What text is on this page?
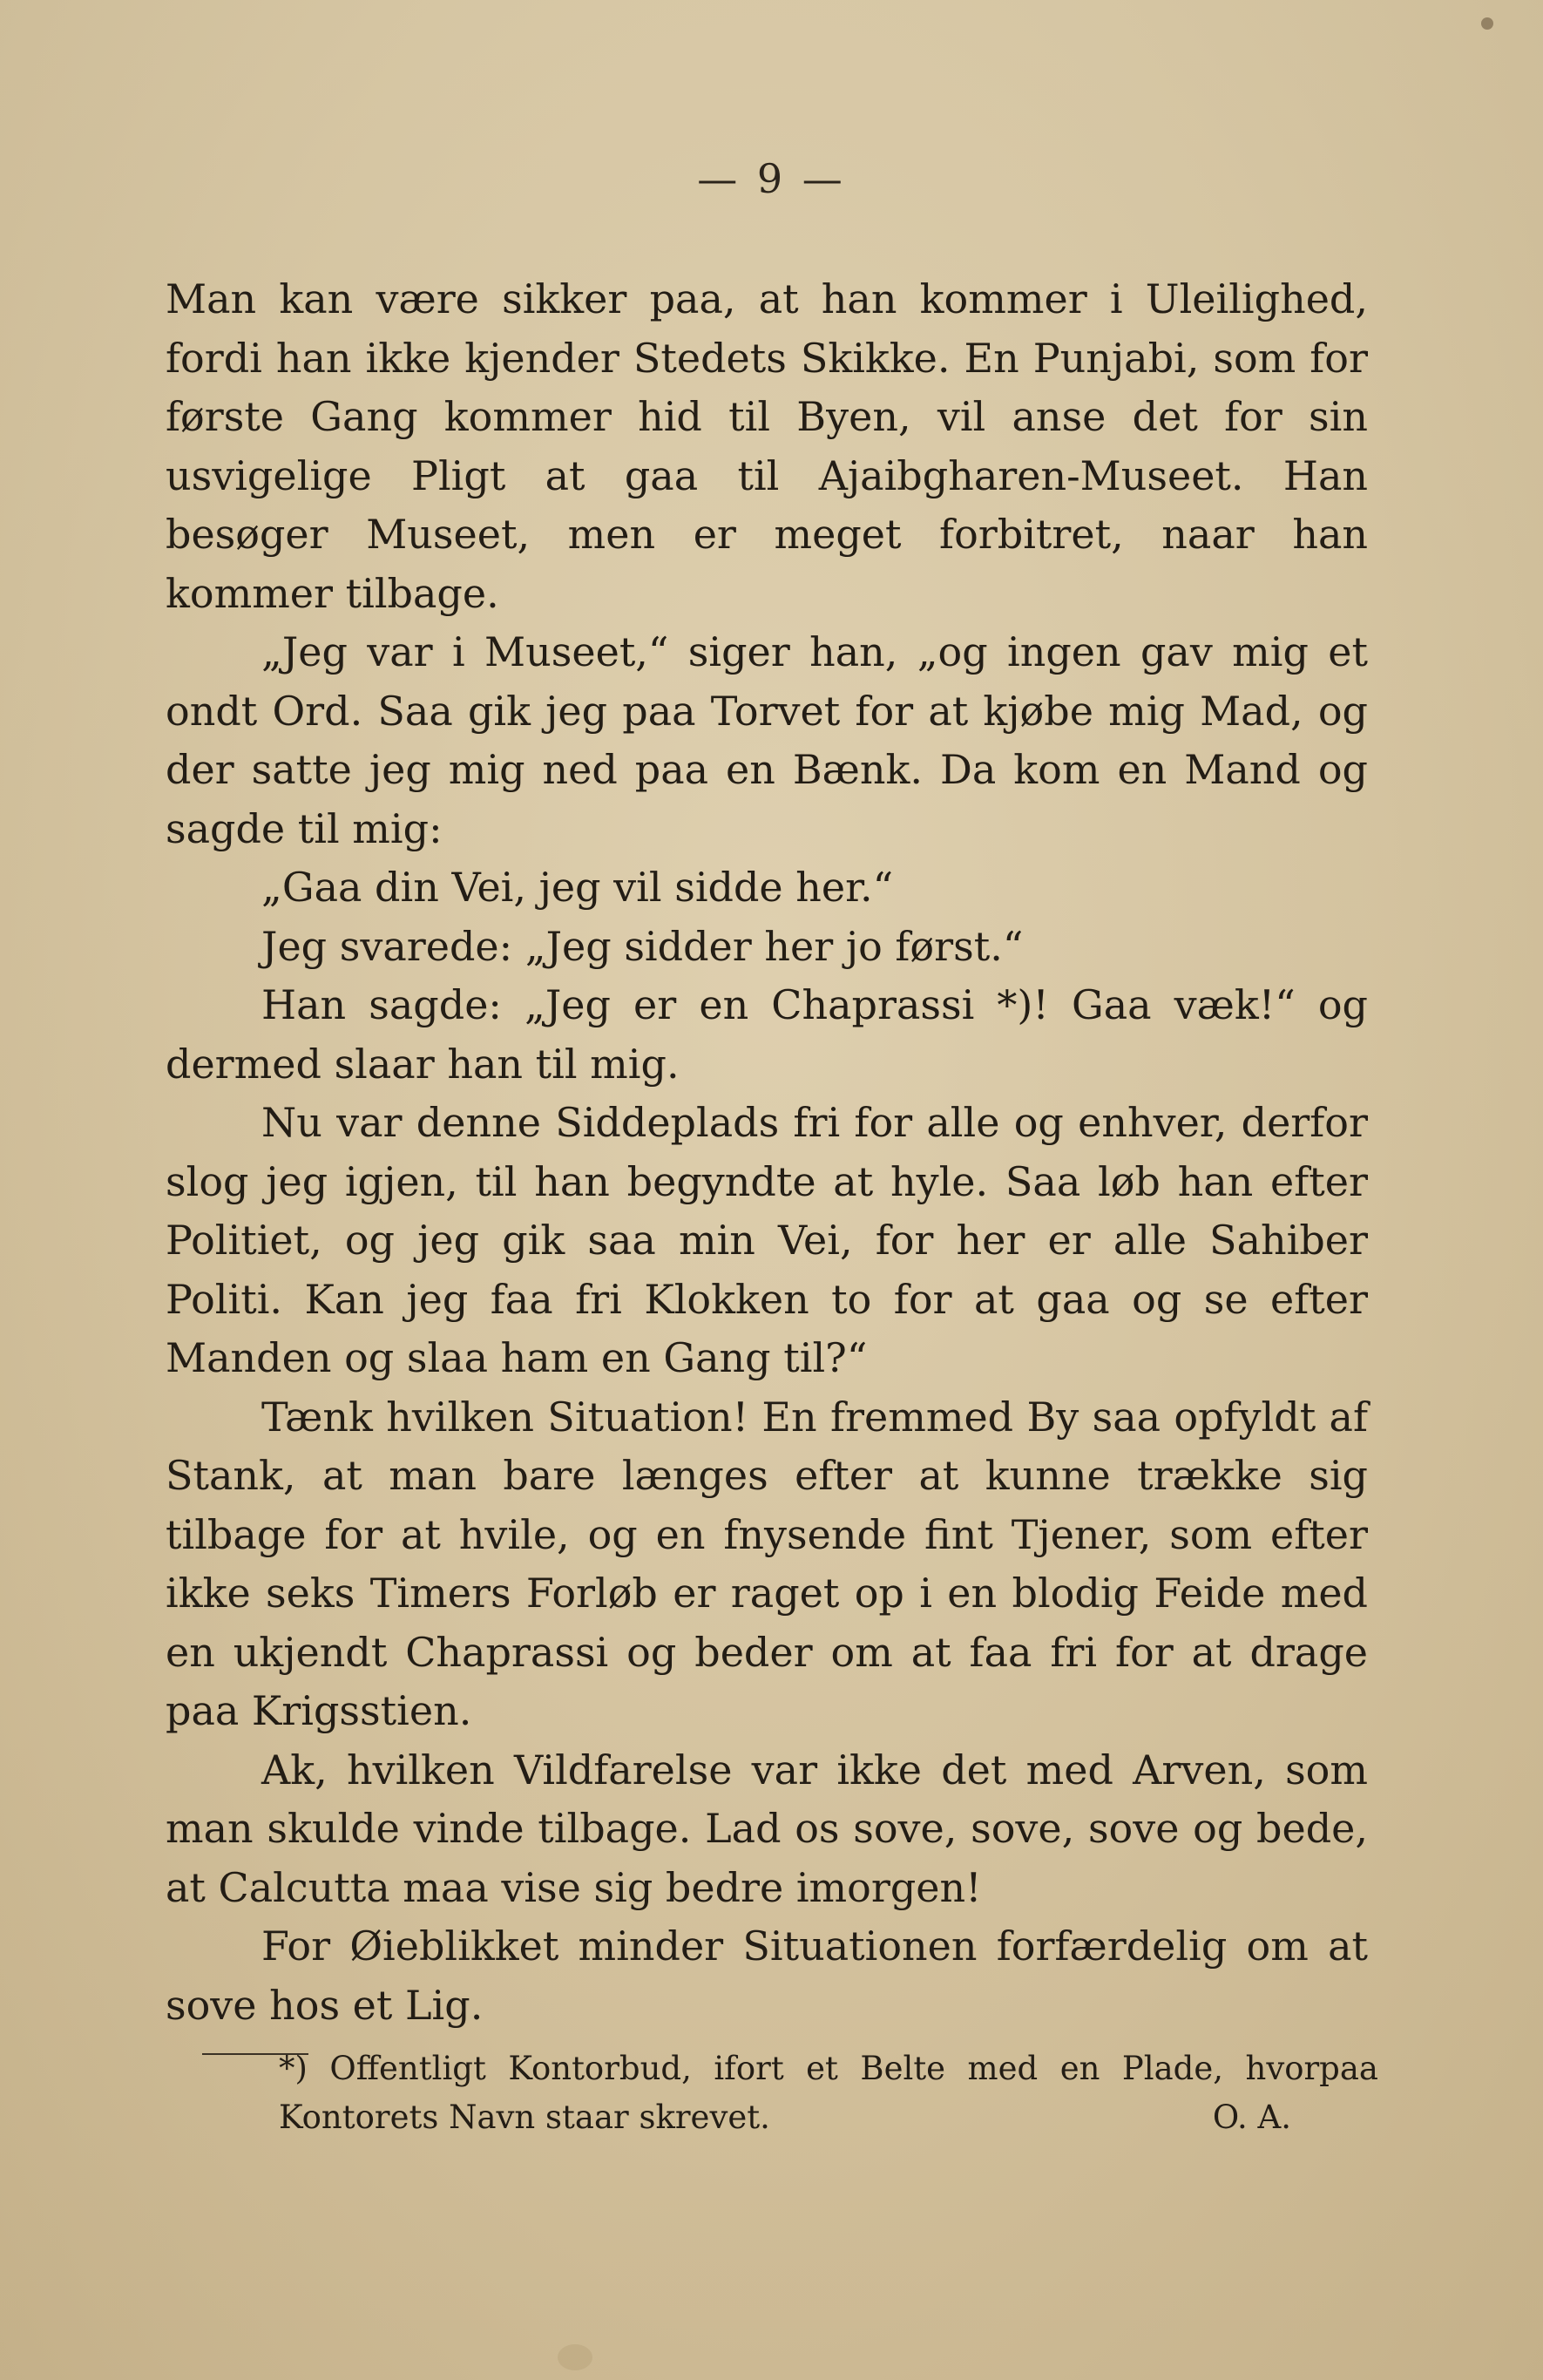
— 9 —

Man kan være sikker paa, at han kommer i Uleilighed, fordi han ikke kjender Stedets Skikke. En Punjabi, som for første Gang kommer hid til Byen, vil anse det for sin usvigelige Pligt at gaa til Ajaibgharen-Museet. Han besøger Museet, men er meget forbitret, naar han kommer tilbage.

„Jeg var i Museet,“ siger han, „og ingen gav mig et ondt Ord. Saa gik jeg paa Torvet for at kjøbe mig Mad, og der satte jeg mig ned paa en Bænk. Da kom en Mand og sagde til mig:

„Gaa din Vei, jeg vil sidde her.“

Jeg svarede: „Jeg sidder her jo først.“

Han sagde: „Jeg er en Chaprassi *)! Gaa væk!“ og dermed slaar han til mig.

Nu var denne Siddeplads fri for alle og enhver, derfor slog jeg igjen, til han begyndte at hyle. Saa løb han efter Politiet, og jeg gik saa min Vei, for her er alle Sahiber Politi. Kan jeg faa fri Klokken to for at gaa og se efter Manden og slaa ham en Gang til?“

Tænk hvilken Situation! En fremmed By saa opfyldt af Stank, at man bare længes efter at kunne trække sig tilbage for at hvile, og en fnysende fint Tjener, som efter ikke seks Timers Forløb er raget op i en blodig Feide med en ukjendt Chaprassi og beder om at faa fri for at drage paa Krigsstien.

Ak, hvilken Vildfarelse var ikke det med Arven, som man skulde vinde tilbage. Lad os sove, sove, sove og bede, at Calcutta maa vise sig bedre imorgen!

For Øieblikket minder Situationen forfærdelig om at sove hos et Lig.

*) Offentligt Kontorbud, ifort et Belte med en Plade, hvorpaa Kontorets Navn staar skrevet.	O. A.
